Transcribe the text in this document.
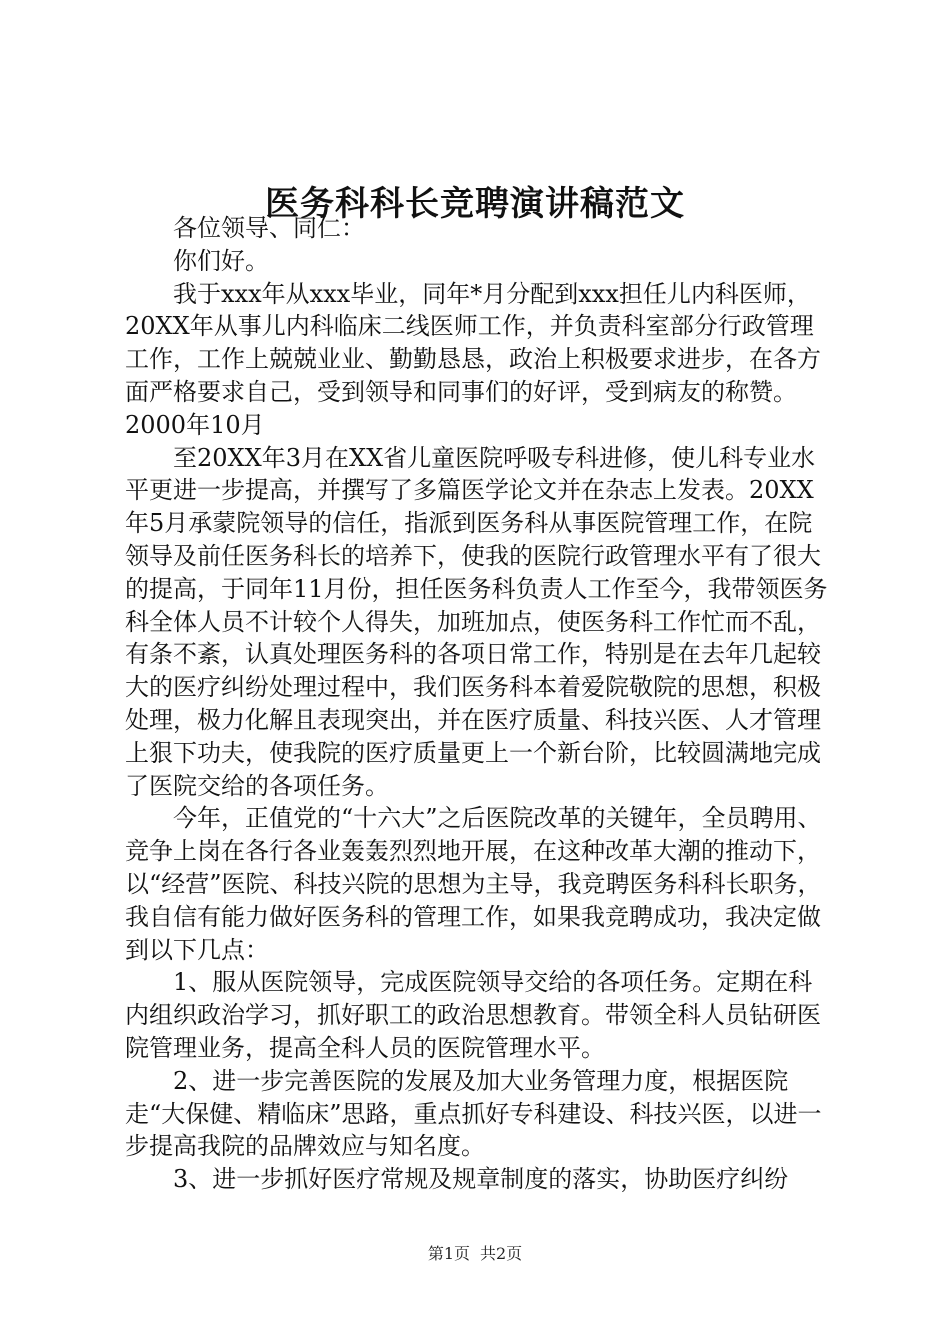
医务科科长竞聘演讲稿范文

各位领导、同仁：

你们好。

我于xxx年从xxx毕业，同年*月分配到xxx担任儿内科医师，20XX年从事儿内科临床二线医师工作，并负责科室部分行政管理工作，工作上兢兢业业、勤勤恳恳，政治上积极要求进步，在各方面严格要求自己，受到领导和同事们的好评，受到病友的称赞。2000年10月

至20XX年3月在XX省儿童医院呼吸专科进修，使儿科专业水平更进一步提高，并撰写了多篇医学论文并在杂志上发表。20XX年5月承蒙院领导的信任，指派到医务科从事医院管理工作，在院领导及前任医务科长的培养下，使我的医院行政管理水平有了很大的提高，于同年11月份，担任医务科负责人工作至今，我带领医务科全体人员不计较个人得失，加班加点，使医务科工作忙而不乱，有条不紊，认真处理医务科的各项日常工作，特别是在去年几起较大的医疗纠纷处理过程中，我们医务科本着爱院敬院的思想，积极处理，极力化解且表现突出，并在医疗质量、科技兴医、人才管理上狠下功夫，使我院的医疗质量更上一个新台阶，比较圆满地完成了医院交给的各项任务。

今年，正值党的“十六大”之后医院改革的关键年，全员聘用、竞争上岗在各行各业轰轰烈烈地开展，在这种改革大潮的推动下，以“经营”医院、科技兴院的思想为主导，我竞聘医务科科长职务，我自信有能力做好医务科的管理工作，如果我竞聘成功，我决定做到以下几点：

1、服从医院领导，完成医院领导交给的各项任务。定期在科内组织政治学习，抓好职工的政治思想教育。带领全科人员钻研医院管理业务，提高全科人员的医院管理水平。

2、进一步完善医院的发展及加大业务管理力度，根据医院走“大保健、精临床”思路，重点抓好专科建设、科技兴医，以进一步提高我院的品牌效应与知名度。

3、进一步抓好医疗常规及规章制度的落实，协助医疗纠纷

第1页 共2页
